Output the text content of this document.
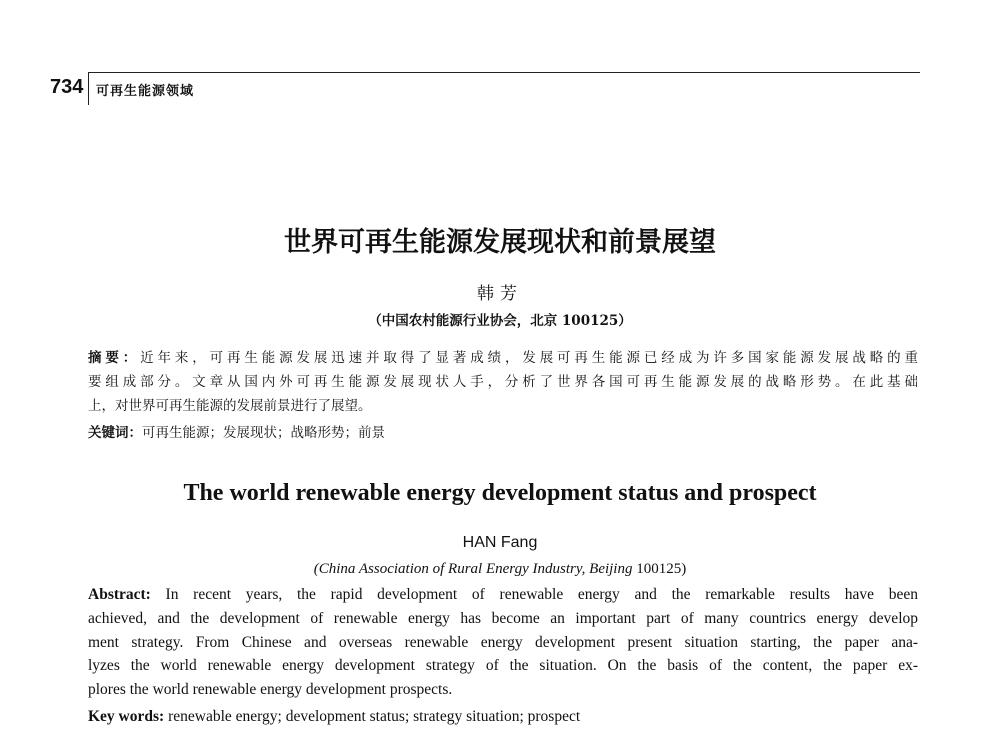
734 可再生能源领域
世界可再生能源发展现状和前景展望
韩芳
（中国农村能源行业协会，北京 100125）
摘要：近年来，可再生能源发展迅速并取得了显著成绩，发展可再生能源已经成为许多国家能源发展战略的重
要组成部分。文章从国内外可再生能源发展现状人手，分析了世界各国可再生能源发展的战略形势。在此基础
上，对世界可再生能源的发展前景进行了展望。
关键词：可再生能源；发展现状；战略形势；前景
The world renewable energy development status and prospect
HAN Fang
(China Association of Rural Energy Industry, Beijing 100125)
Abstract: In recent years, the rapid development of renewable energy and the remarkable results have been
achieved, and the development of renewable energy has become an important part of many countrics energy develop
ment strategy. From Chinese and overseas renewable energy development present situation starting, the paper ana-
lyzes the world renewable energy development strategy of the situation. On the basis of the content, the paper ex-
plores the world renewable energy development prospects.
Key words: renewable energy; development status; strategy situation; prospect
